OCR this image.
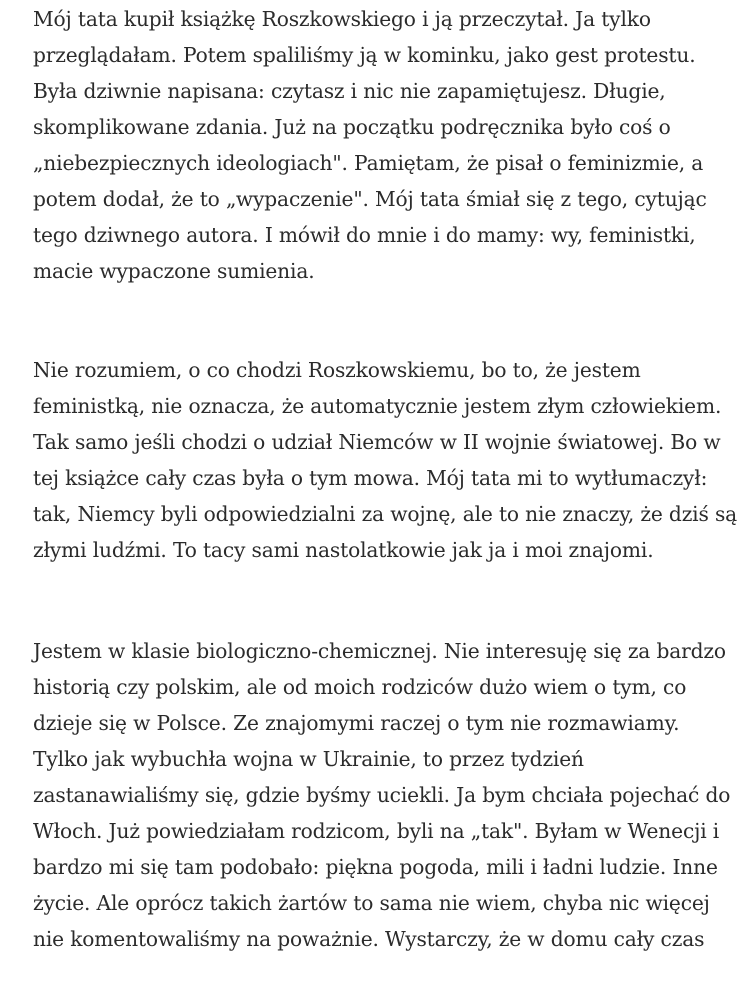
Mój tata kupił książkę Roszkowskiego i ją przeczytał. Ja tylko
przeglądałam. Potem spaliliśmy ją w kominku, jako gest protestu.
Była dziwnie napisana: czytasz i nic nie zapamiętujesz. Długie,
skomplikowane zdania. Już na początku podręcznika było coś o
„niebezpiecznych ideologiach". Pamiętam, że pisał o feminizmie, a
potem dodał, że to „wypaczenie". Mój tata śmiał się z tego, cytując
tego dziwnego autora. I mówił do mnie i do mamy: wy, feministki,
macie wypaczone sumienia.
Nie rozumiem, o co chodzi Roszkowskiemu, bo to, że jestem
feministką, nie oznacza, że automatycznie jestem złym człowiekiem.
Tak samo jeśli chodzi o udział Niemców w II wojnie światowej. Bo w
tej książce cały czas była o tym mowa. Mój tata mi to wytłumaczył:
tak, Niemcy byli odpowiedzialni za wojnę, ale to nie znaczy, że dziś są
złymi ludźmi. To tacy sami nastolatkowie jak ja i moi znajomi.
Jestem w klasie biologiczno-chemicznej. Nie interesuję się za bardzo
historią czy polskim, ale od moich rodziców dużo wiem o tym, co
dzieje się w Polsce. Ze znajomymi raczej o tym nie rozmawiamy.
Tylko jak wybuchła wojna w Ukrainie, to przez tydzień
zastanawialiśmy się, gdzie byśmy uciekli. Ja bym chciała pojechać do
Włoch. Już powiedziałam rodzicom, byli na „tak". Byłam w Wenecji i
bardzo mi się tam podobało: piękna pogoda, mili i ładni ludzie. Inne
życie. Ale oprócz takich żartów to sama nie wiem, chyba nic więcej
nie komentowaliśmy na poważnie. Wystarczy, że w domu cały czas
